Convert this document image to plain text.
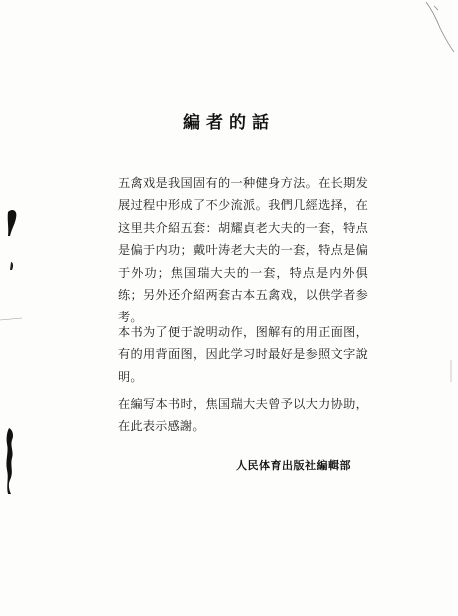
編者的話

五禽戏是我国固有的一种健身方法。在长期发展过程中形成了不少流派。我們几經选择，在这里共介紹五套：胡耀貞老大夫的一套，特点是偏于内功；戴叶涛老大夫的一套，特点是偏于外功；焦国瑞大夫的一套，特点是内外俱练；另外还介紹两套古本五禽戏，以供学者参考。

本书为了便于說明动作，图解有的用正面图，有的用背面图，因此学习时最好是参照文字說明。

在編写本书时，焦国瑞大夫曾予以大力协助，在此表示感謝。

人民体育出版社編輯部
